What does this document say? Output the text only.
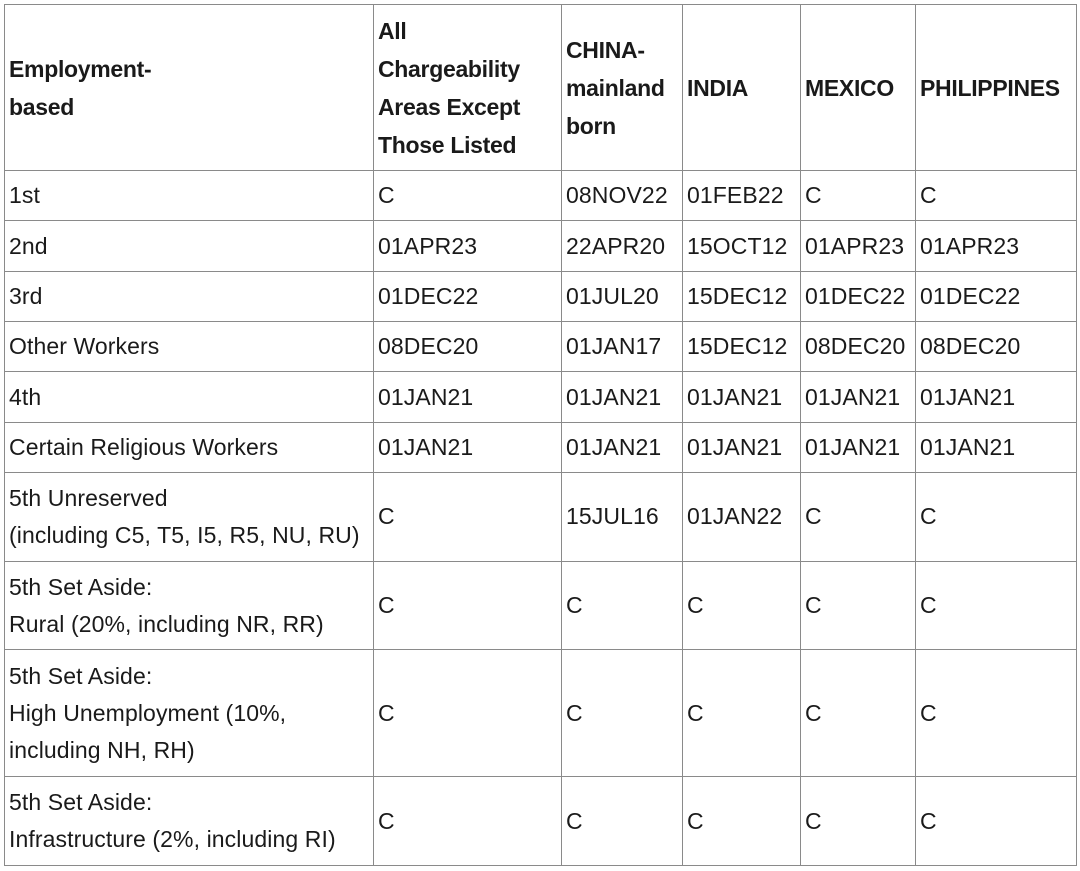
Employment-
based	All
Chargeability
Areas Except
Those Listed	CHINA-
mainland
born	INDIA	MEXICO	PHILIPPINES
1st	C	08NOV22	01FEB22	C	C
2nd	01APR23	22APR20	15OCT12	01APR23	01APR23
3rd	01DEC22	01JUL20	15DEC12	01DEC22	01DEC22
Other Workers	08DEC20	01JAN17	15DEC12	08DEC20	08DEC20
4th	01JAN21	01JAN21	01JAN21	01JAN21	01JAN21
Certain Religious Workers	01JAN21	01JAN21	01JAN21	01JAN21	01JAN21
5th Unreserved
(including C5, T5, I5, R5, NU, RU)	C	15JUL16	01JAN22	C	C
5th Set Aside:
Rural (20%, including NR, RR)	C	C	C	C	C
5th Set Aside:
High Unemployment (10%,
including NH, RH)	C	C	C	C	C
5th Set Aside:
Infrastructure (2%, including RI)	C	C	C	C	C
